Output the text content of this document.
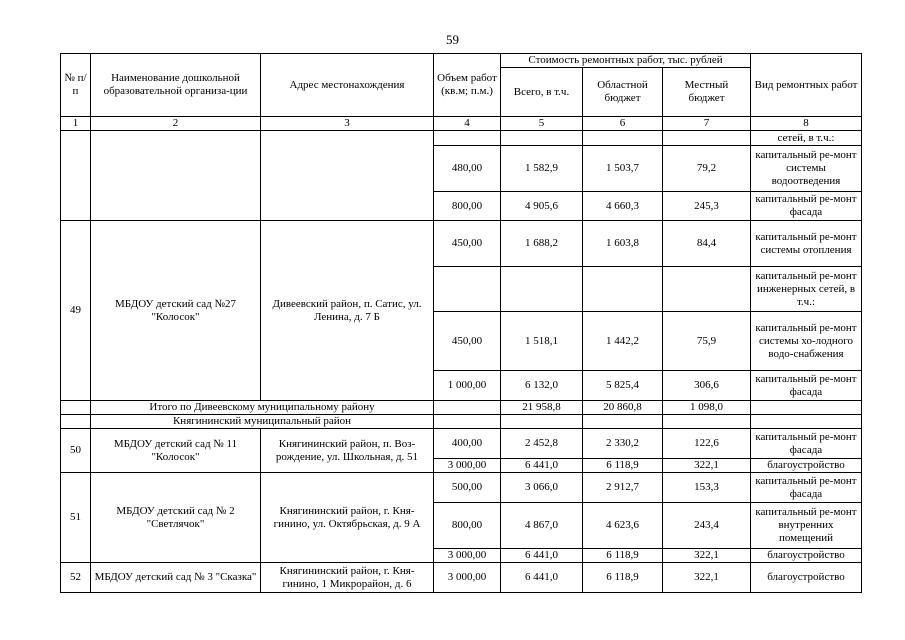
59
№ п/п	Наименование дошкольной образовательной организа-ции	Адрес местонахождения	Объем работ (кв.м; п.м.)	Стоимость ремонтных работ, тыс. рублей			Вид ремонтных работ
				Всего, в т.ч.	Областной бюджет	Местный бюджет	
1	2	3	4	5	6	7	8
							сетей, в т.ч.:
			480,00	1 582,9	1 503,7	79,2	капитальный ре-монт системы водоотведения
			800,00	4 905,6	4 660,3	245,3	капитальный ре-монт фасада
49	МБДОУ детский сад №27 "Колосок"	Дивеевский район, п. Сатис, ул. Ленина, д. 7 Б	450,00	1 688,2	1 603,8	84,4	капитальный ре-монт системы отопления
							капитальный ре-монт инженерных сетей, в т.ч.:
			450,00	1 518,1	1 442,2	75,9	капитальный ре-монт системы хо-лодного водо-снабжения
			1 000,00	6 132,0	5 825,4	306,6	капитальный ре-монт фасада
	Итого по Дивеевскому муниципальному району			21 958,8	20 860,8	1 098,0	
	Княгининский муниципальный район						
50	МБДОУ детский сад № 11 "Колосок"	Княгининский район, п. Воз-рождение, ул. Школьная, д. 51	400,00	2 452,8	2 330,2	122,6	капитальный ре-монт фасада
			3 000,00	6 441,0	6 118,9	322,1	благоустройство
51	МБДОУ детский сад № 2 "Светлячок"	Княгининский район, г. Кня-гинино, ул. Октябрьская, д. 9 А	500,00	3 066,0	2 912,7	153,3	капитальный ре-монт фасада
			800,00	4 867,0	4 623,6	243,4	капитальный ре-монт внутренних помещений
			3 000,00	6 441,0	6 118,9	322,1	благоустройство
52	МБДОУ детский сад № 3 "Сказка"	Княгининский район, г. Кня-гинино, 1 Микрорайон, д. 6	3 000,00	6 441,0	6 118,9	322,1	благоустройство
